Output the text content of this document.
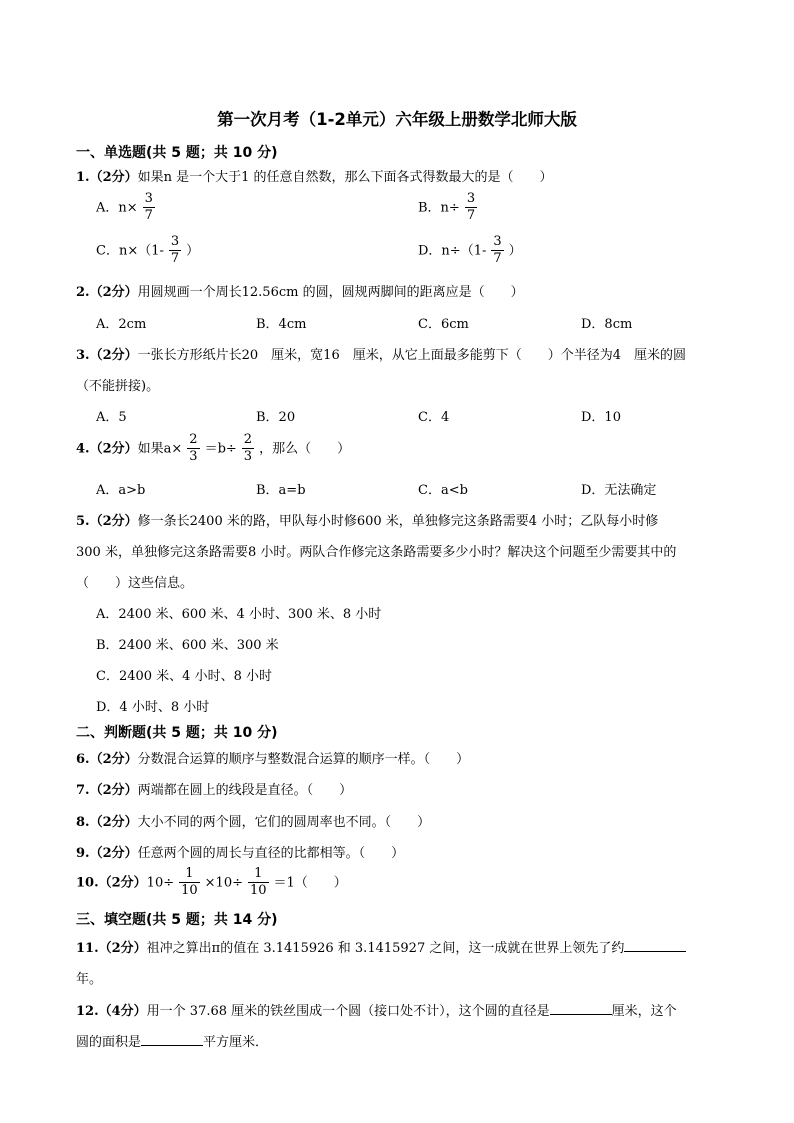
第一次月考（1-2单元）六年级上册数学北师大版
一、单选题(共 5 题；共 10 分)
1.（2分）如果n 是一个大于1 的任意自然数，那么下面各式得数最大的是（　　）
A．$n\times \frac{3}{7}$	B．$n\div \frac{3}{7}$
C．$n\times(1- \frac{3}{7}$ ）	D．$n\div(1- \frac{3}{7}$ ）
2.（2分）用圆规画一个周长12.56cm 的圆，圆规两脚间的距离应是（　　）
A．2cm	B．4cm	C．6cm	D．8cm
3.（2分）一张长方形纸片长20　厘米，宽16　厘米，从它上面最多能剪下（　　）个半径为4　厘米的圆
（不能拼接)。
A．5	B．20	C．4	D．10
4.（2分）如果$a\times \frac{2}{3} =b\div \frac{2}{3}$ ，那么（　　）
A．a>b	B．a=b	C．a<b	D．无法确定
5.（2分）修一条长2400 米的路，甲队每小时修600 米，单独修完这条路需要4 小时；乙队每小时修
300 米，单独修完这条路需要8 小时。两队合作修完这条路需要多少小时？解决这个问题至少需要其中的
（　　）这些信息。
A．2400 米、600 米、4 小时、300 米、8 小时
B．2400 米、600 米、300 米
C．2400 米、4 小时、8 小时
D．4 小时、8 小时
二、判断题(共 5 题；共 10 分)
6.（2分）分数混合运算的顺序与整数混合运算的顺序一样。（　　）
7.（2分）两端都在圆上的线段是直径。（　　）
8.（2分）大小不同的两个圆，它们的圆周率也不同。（　　）
9.（2分）任意两个圆的周长与直径的比都相等。（　　）
10.（2分）$10\div \frac{1}{10} \times 10\div \frac{1}{10} =1$（　　）
三、填空题(共 5 题；共 14 分)
11.（2分）祖冲之算出π的值在 3.1415926 和 3.1415927 之间，这一成就在世界上领先了约
年。
12.（4分）用一个 37.68 厘米的铁丝围成一个圆（接口处不计），这个圆的直径是	厘米，这个
圆的面积是	平方厘米．
